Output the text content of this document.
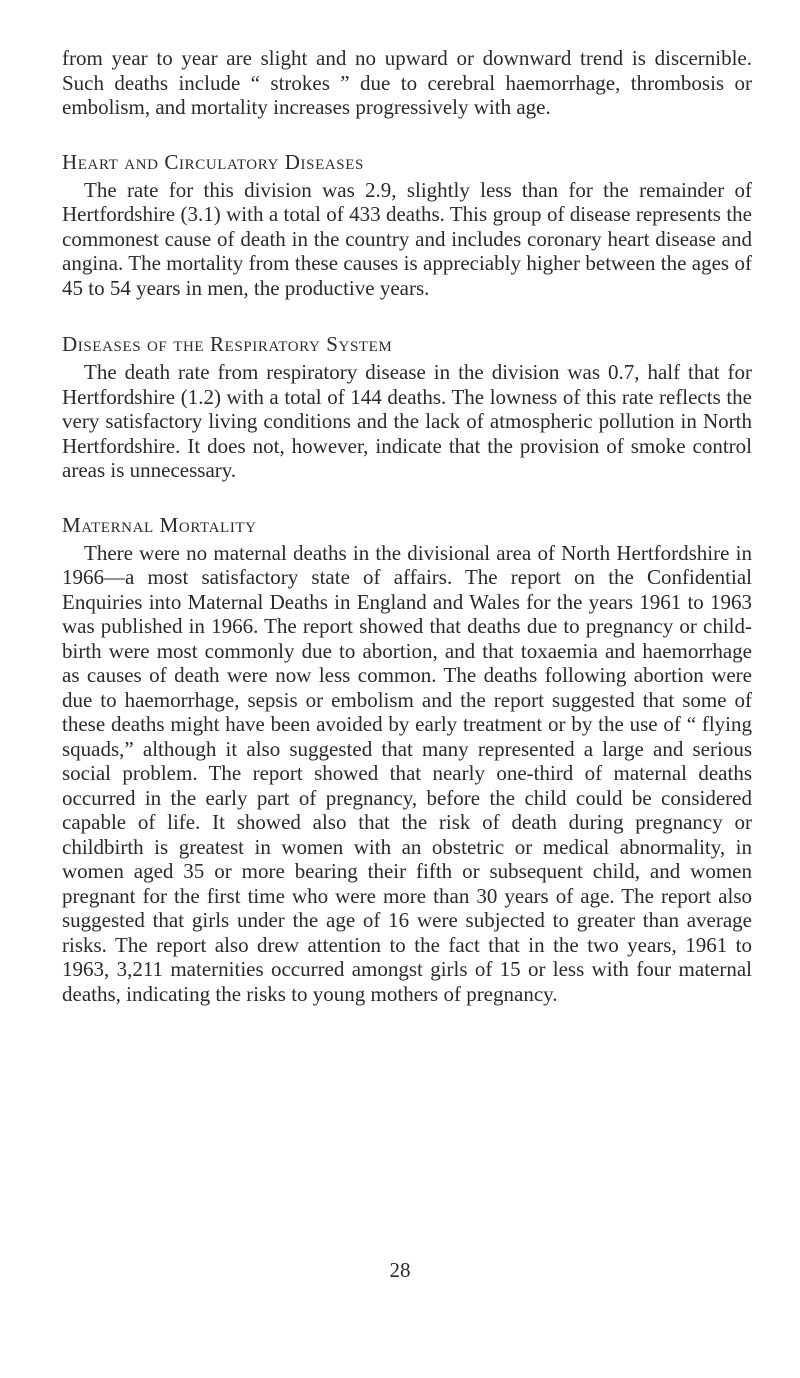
from year to year are slight and no upward or downward trend is discernible. Such deaths include “ strokes ” due to cerebral haemorrhage, thrombosis or embolism, and mortality increases progressively with age.

Heart and Circulatory Diseases

The rate for this division was 2.9, slightly less than for the remainder of Hertfordshire (3.1) with a total of 433 deaths. This group of disease represents the commonest cause of death in the country and includes coronary heart disease and angina. The mortality from these causes is appreciably higher between the ages of 45 to 54 years in men, the productive years.

Diseases of the Respiratory System

The death rate from respiratory disease in the division was 0.7, half that for Hertfordshire (1.2) with a total of 144 deaths. The lowness of this rate reflects the very satisfactory living conditions and the lack of atmospheric pollution in North Hertfordshire. It does not, however, indicate that the provision of smoke control areas is unnecessary.

Maternal Mortality

There were no maternal deaths in the divisional area of North Hertfordshire in 1966—a most satisfactory state of affairs. The report on the Confidential Enquiries into Maternal Deaths in England and Wales for the years 1961 to 1963 was published in 1966. The report showed that deaths due to pregnancy or child-birth were most commonly due to abortion, and that toxaemia and haemorrhage as causes of death were now less common. The deaths following abortion were due to haemorrhage, sepsis or embolism and the report suggested that some of these deaths might have been avoided by early treatment or by the use of “ flying squads,” although it also suggested that many represented a large and serious social problem. The report showed that nearly one-third of maternal deaths occurred in the early part of pregnancy, before the child could be considered capable of life. It showed also that the risk of death during pregnancy or childbirth is greatest in women with an obstetric or medical abnormality, in women aged 35 or more bearing their fifth or subsequent child, and women pregnant for the first time who were more than 30 years of age. The report also suggested that girls under the age of 16 were subjected to greater than average risks. The report also drew attention to the fact that in the two years, 1961 to 1963, 3,211 maternities occurred amongst girls of 15 or less with four maternal deaths, indicating the risks to young mothers of pregnancy.

28
